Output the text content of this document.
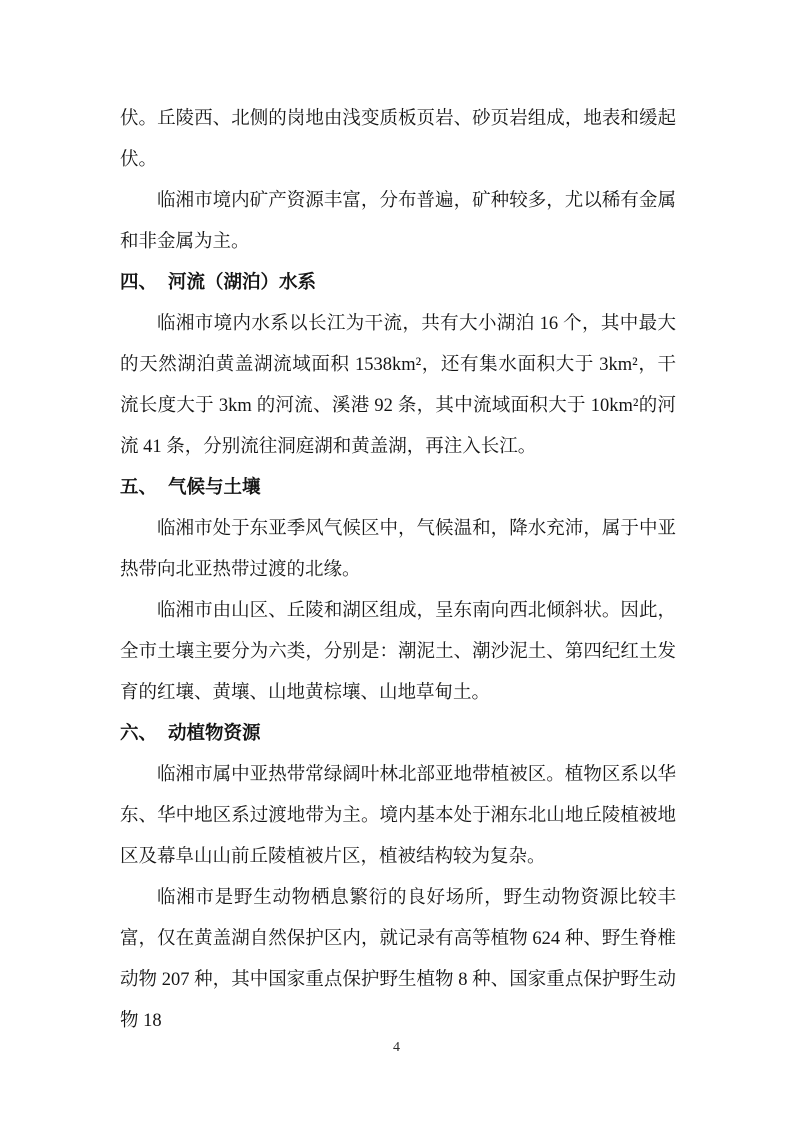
伏。丘陵西、北侧的岗地由浅变质板页岩、砂页岩组成，地表和缓起伏。

临湘市境内矿产资源丰富，分布普遍，矿种较多，尤以稀有金属和非金属为主。

四、 河流（湖泊）水系

临湘市境内水系以长江为干流，共有大小湖泊 16 个，其中最大的天然湖泊黄盖湖流域面积 1538km²，还有集水面积大于 3km²，干流长度大于 3km 的河流、溪港 92 条，其中流域面积大于 10km²的河流 41 条，分别流往洞庭湖和黄盖湖，再注入长江。

五、 气候与土壤

临湘市处于东亚季风气候区中，气候温和，降水充沛，属于中亚热带向北亚热带过渡的北缘。

临湘市由山区、丘陵和湖区组成，呈东南向西北倾斜状。因此，全市土壤主要分为六类，分别是：潮泥土、潮沙泥土、第四纪红土发育的红壤、黄壤、山地黄棕壤、山地草甸土。

六、 动植物资源

临湘市属中亚热带常绿阔叶林北部亚地带植被区。植物区系以华东、华中地区系过渡地带为主。境内基本处于湘东北山地丘陵植被地区及幕阜山山前丘陵植被片区，植被结构较为复杂。

临湘市是野生动物栖息繁衍的良好场所，野生动物资源比较丰富，仅在黄盖湖自然保护区内，就记录有高等植物 624 种、野生脊椎动物 207 种，其中国家重点保护野生植物 8 种、国家重点保护野生动物 18

4
